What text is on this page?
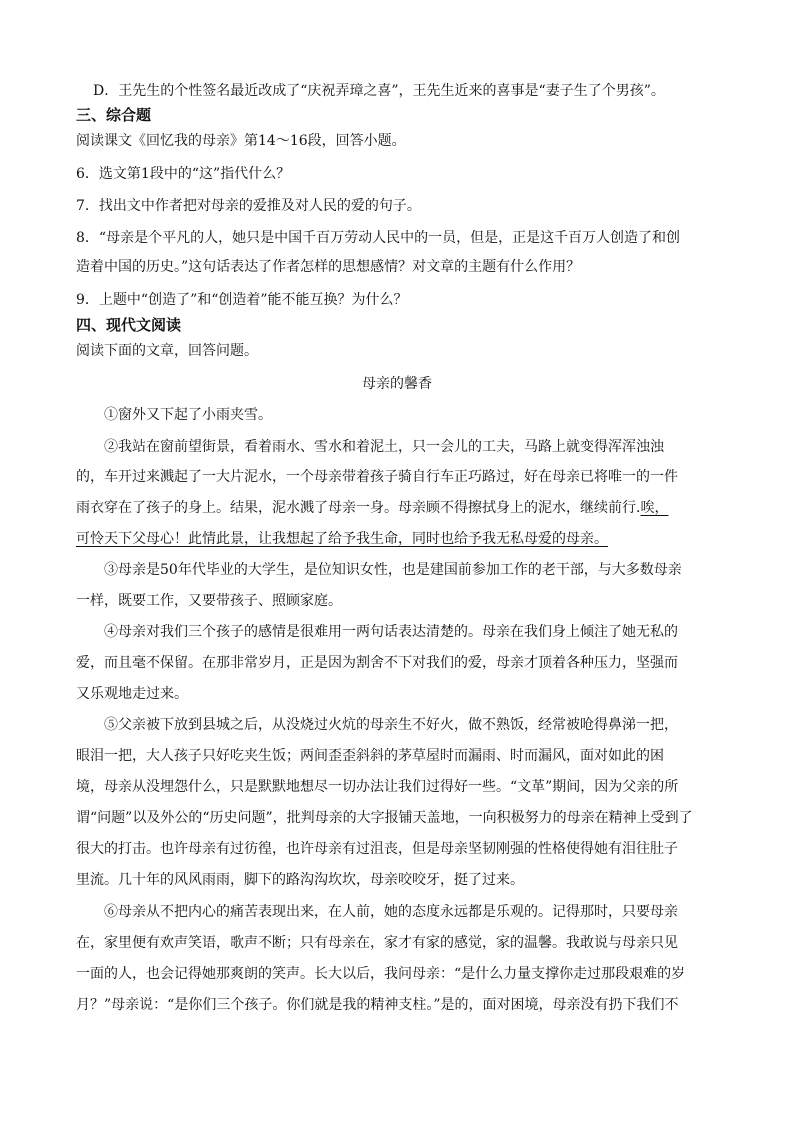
D．王先生的个性签名最近改成了“庆祝弄璋之喜”，王先生近来的喜事是“妻子生了个男孩”。
三、综合题
阅读课文《回忆我的母亲》第14～16段，回答小题。
6．选文第1段中的“这”指代什么？
7．找出文中作者把对母亲的爱推及对人民的爱的句子。
8．“母亲是个平凡的人，她只是中国千百万劳动人民中的一员，但是，正是这千百万人创造了和创
造着中国的历史。”这句话表达了作者怎样的思想感情？对文章的主题有什么作用？
9．上题中“创造了”和“创造着”能不能互换？为什么？
四、现代文阅读
阅读下面的文章，回答问题。
母亲的馨香
①窗外又下起了小雨夹雪。
②我站在窗前望街景，看着雨水、雪水和着泥土，只一会儿的工夫，马路上就变得浑浑浊浊
的，车开过来溅起了一大片泥水，一个母亲带着孩子骑自行车正巧路过，好在母亲已将唯一的一件
雨衣穿在了孩子的身上。结果，泥水溅了母亲一身。母亲顾不得擦拭身上的泥水，继续前行.唉，
可怜天下父母心！此情此景，让我想起了给予我生命，同时也给予我无私母爱的母亲。
③母亲是50年代毕业的大学生，是位知识女性，也是建国前参加工作的老干部，与大多数母亲
一样，既要工作，又要带孩子、照顾家庭。
④母亲对我们三个孩子的感情是很难用一两句话表达清楚的。母亲在我们身上倾注了她无私的
爱，而且毫不保留。在那非常岁月，正是因为割舍不下对我们的爱，母亲才顶着各种压力，坚强而
又乐观地走过来。
⑤父亲被下放到县城之后，从没烧过火炕的母亲生不好火，做不熟饭，经常被呛得鼻涕一把，
眼泪一把，大人孩子只好吃夹生饭；两间歪歪斜斜的茅草屋时而漏雨、时而漏风，面对如此的困
境，母亲从没埋怨什么，只是默默地想尽一切办法让我们过得好一些。“文革”期间，因为父亲的所
谓“问题”以及外公的“历史问题”，批判母亲的大字报铺天盖地，一向积极努力的母亲在精神上受到了
很大的打击。也许母亲有过彷徨，也许母亲有过沮丧，但是母亲坚韧刚强的性格使得她有泪往肚子
里流。几十年的风风雨雨，脚下的路沟沟坎坎，母亲咬咬牙，挺了过来。
⑥母亲从不把内心的痛苦表现出来，在人前，她的态度永远都是乐观的。记得那时，只要母亲
在，家里便有欢声笑语，歌声不断；只有母亲在，家才有家的感觉，家的温馨。我敢说与母亲只见
一面的人，也会记得她那爽朗的笑声。长大以后，我问母亲：“是什么力量支撑你走过那段艰难的岁
月？”母亲说：“是你们三个孩子。你们就是我的精神支柱。”是的，面对困境，母亲没有扔下我们不
